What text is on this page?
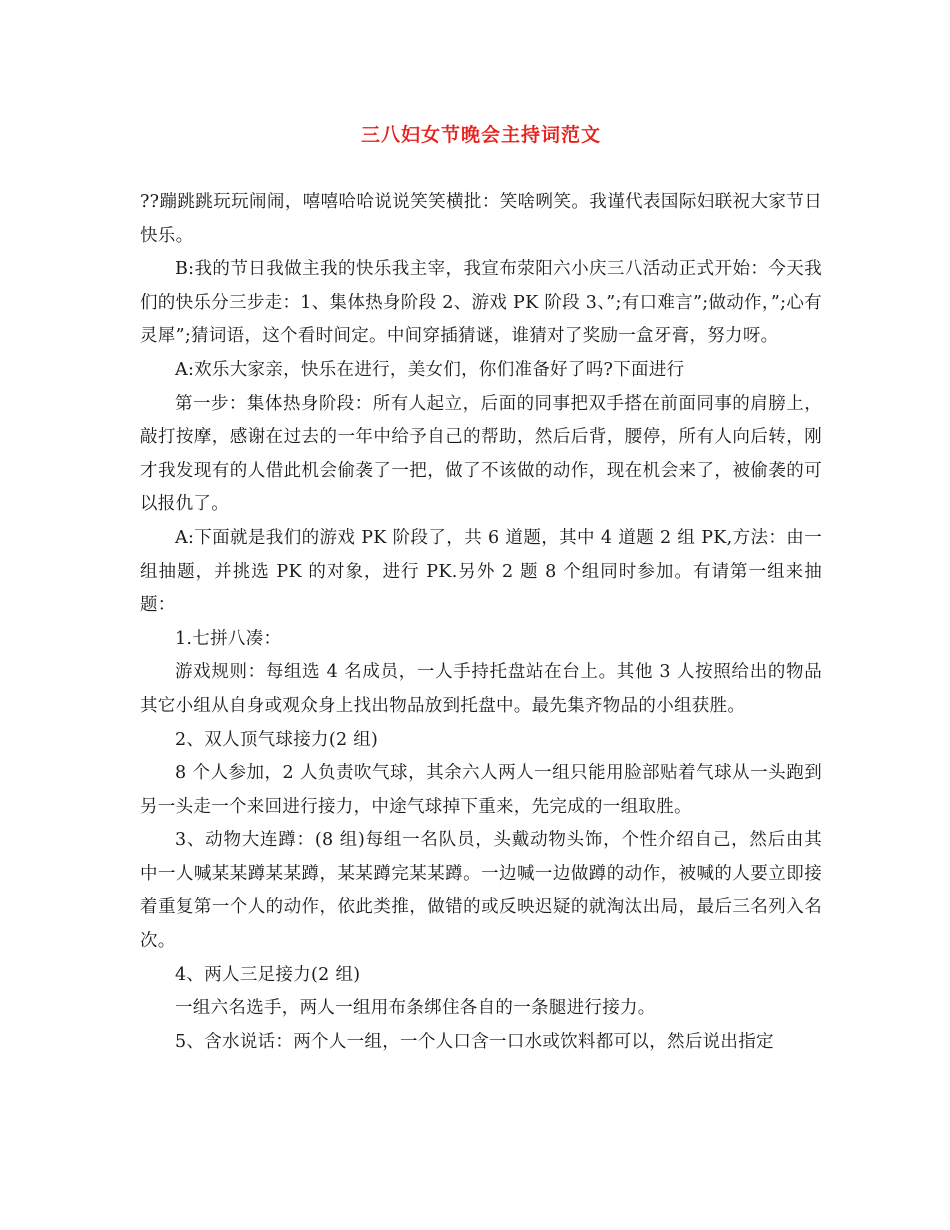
三八妇女节晚会主持词范文

??蹦跳跳玩玩闹闹，嘻嘻哈哈说说笑笑横批：笑啥咧笑。我谨代表国际妇联祝大家节日快乐。

B:我的节日我做主我的快乐我主宰，我宣布荥阳六小庆三八活动正式开始：今天我们的快乐分三步走：1、集体热身阶段 2、游戏 PK 阶段 3、”;有口难言”;做动作，”;心有灵犀”;猜词语，这个看时间定。中间穿插猜谜，谁猜对了奖励一盒牙膏，努力呀。

A:欢乐大家亲，快乐在进行，美女们，你们准备好了吗?下面进行

第一步：集体热身阶段：所有人起立，后面的同事把双手搭在前面同事的肩膀上，敲打按摩，感谢在过去的一年中给予自己的帮助，然后后背，腰停，所有人向后转，刚才我发现有的人借此机会偷袭了一把，做了不该做的动作，现在机会来了，被偷袭的可以报仇了。

A:下面就是我们的游戏 PK 阶段了，共 6 道题，其中 4 道题 2 组 PK,方法：由一组抽题，并挑选 PK 的对象，进行 PK.另外 2 题 8 个组同时参加。有请第一组来抽题：

1.七拼八凑：

游戏规则：每组选 4 名成员，一人手持托盘站在台上。其他 3 人按照给出的物品其它小组从自身或观众身上找出物品放到托盘中。最先集齐物品的小组获胜。

2、双人顶气球接力(2 组)

8 个人参加，2 人负责吹气球，其余六人两人一组只能用脸部贴着气球从一头跑到另一头走一个来回进行接力，中途气球掉下重来，先完成的一组取胜。

3、动物大连蹲：(8 组)每组一名队员，头戴动物头饰，个性介绍自己，然后由其中一人喊某某蹲某某蹲，某某蹲完某某蹲。一边喊一边做蹲的动作，被喊的人要立即接着重复第一个人的动作，依此类推，做错的或反映迟疑的就淘汰出局，最后三名列入名次。

4、两人三足接力(2 组)

一组六名选手，两人一组用布条绑住各自的一条腿进行接力。

5、含水说话：两个人一组，一个人口含一口水或饮料都可以，然后说出指定
